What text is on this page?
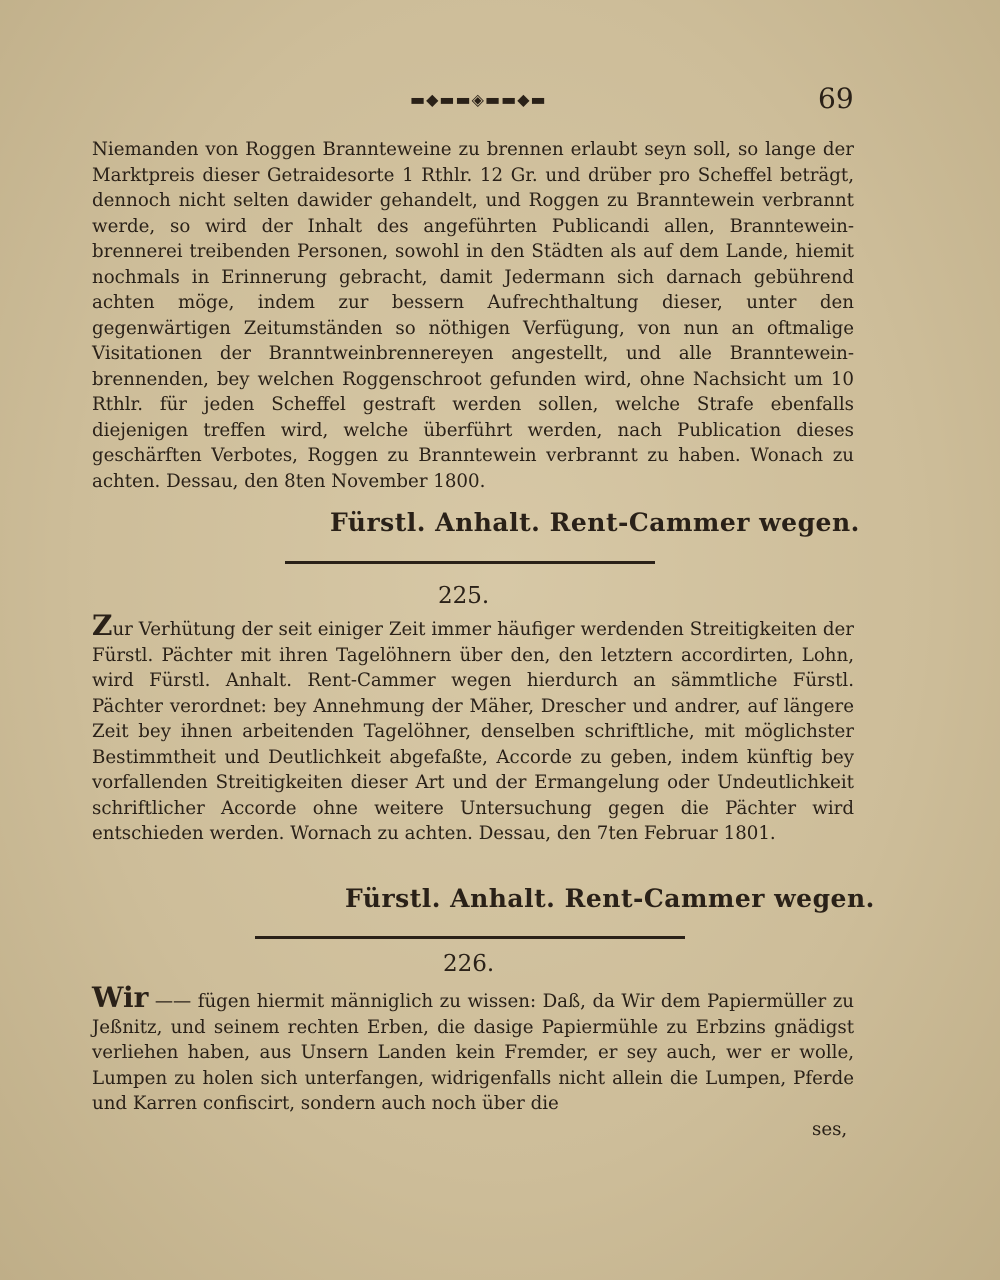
▬◆▬▬◈▬▬◆▬	69

Niemanden von Roggen Brannteweine zu brennen erlaubt seyn soll, so lange der Marktpreis dieser Getraidesorte 1 Rthlr. 12 Gr. und drüber pro Scheffel beträgt, dennoch nicht selten dawider gehandelt, und Roggen zu Branntewein verbrannt werde, so wird der Inhalt des angeführten Publicandi allen, Brannteweinbrennerei treibenden Personen, sowohl in den Städten als auf dem Lande, hiemit nochmals in Erinnerung gebracht, damit Jedermann sich darnach gebührend achten möge, indem zur bessern Aufrechthaltung dieser, unter den gegenwärtigen Zeitumständen so nöthigen Verfügung, von nun an oftmalige Visitationen der Branntweinbrennereyen angestellt, und alle Brannteweinbrennenden, bey welchen Roggenschroot gefunden wird, ohne Nachsicht um 10 Rthlr. für jeden Scheffel gestraft werden sollen, welche Strafe ebenfalls diejenigen treffen wird, welche überführt werden, nach Publication dieses geschärften Verbotes, Roggen zu Branntewein verbrannt zu haben. Wonach zu achten. Dessau, den 8ten November 1800.

Fürstl. Anhalt. Rent-Cammer wegen.
225.

Zur Verhütung der seit einiger Zeit immer häufiger werdenden Streitigkeiten der Fürstl. Pächter mit ihren Tagelöhnern über den, den letztern accordirten, Lohn, wird Fürstl. Anhalt. Rent-Cammer wegen hierdurch an sämmtliche Fürstl. Pächter verordnet: bey Annehmung der Mäher, Drescher und andrer, auf längere Zeit bey ihnen arbeitenden Tagelöhner, denselben schriftliche, mit möglichster Bestimmtheit und Deutlichkeit abgefaßte, Accorde zu geben, indem künftig bey vorfallenden Streitigkeiten dieser Art und der Ermangelung oder Undeutlichkeit schriftlicher Accorde ohne weitere Untersuchung gegen die Pächter wird entschieden werden. Wornach zu achten. Dessau, den 7ten Februar 1801.

Fürstl. Anhalt. Rent-Cammer wegen.
226.

Wir —— fügen hiermit männiglich zu wissen: Daß, da Wir dem Papiermüller zu Jeßnitz, und seinem rechten Erben, die dasige Papiermühle zu Erbzins gnädigst verliehen haben, aus Unsern Landen kein Fremder, er sey auch, wer er wolle, Lumpen zu holen sich unterfangen, widrigenfalls nicht allein die Lumpen, Pferde und Karren confiscirt, sondern auch noch über die

ses,
